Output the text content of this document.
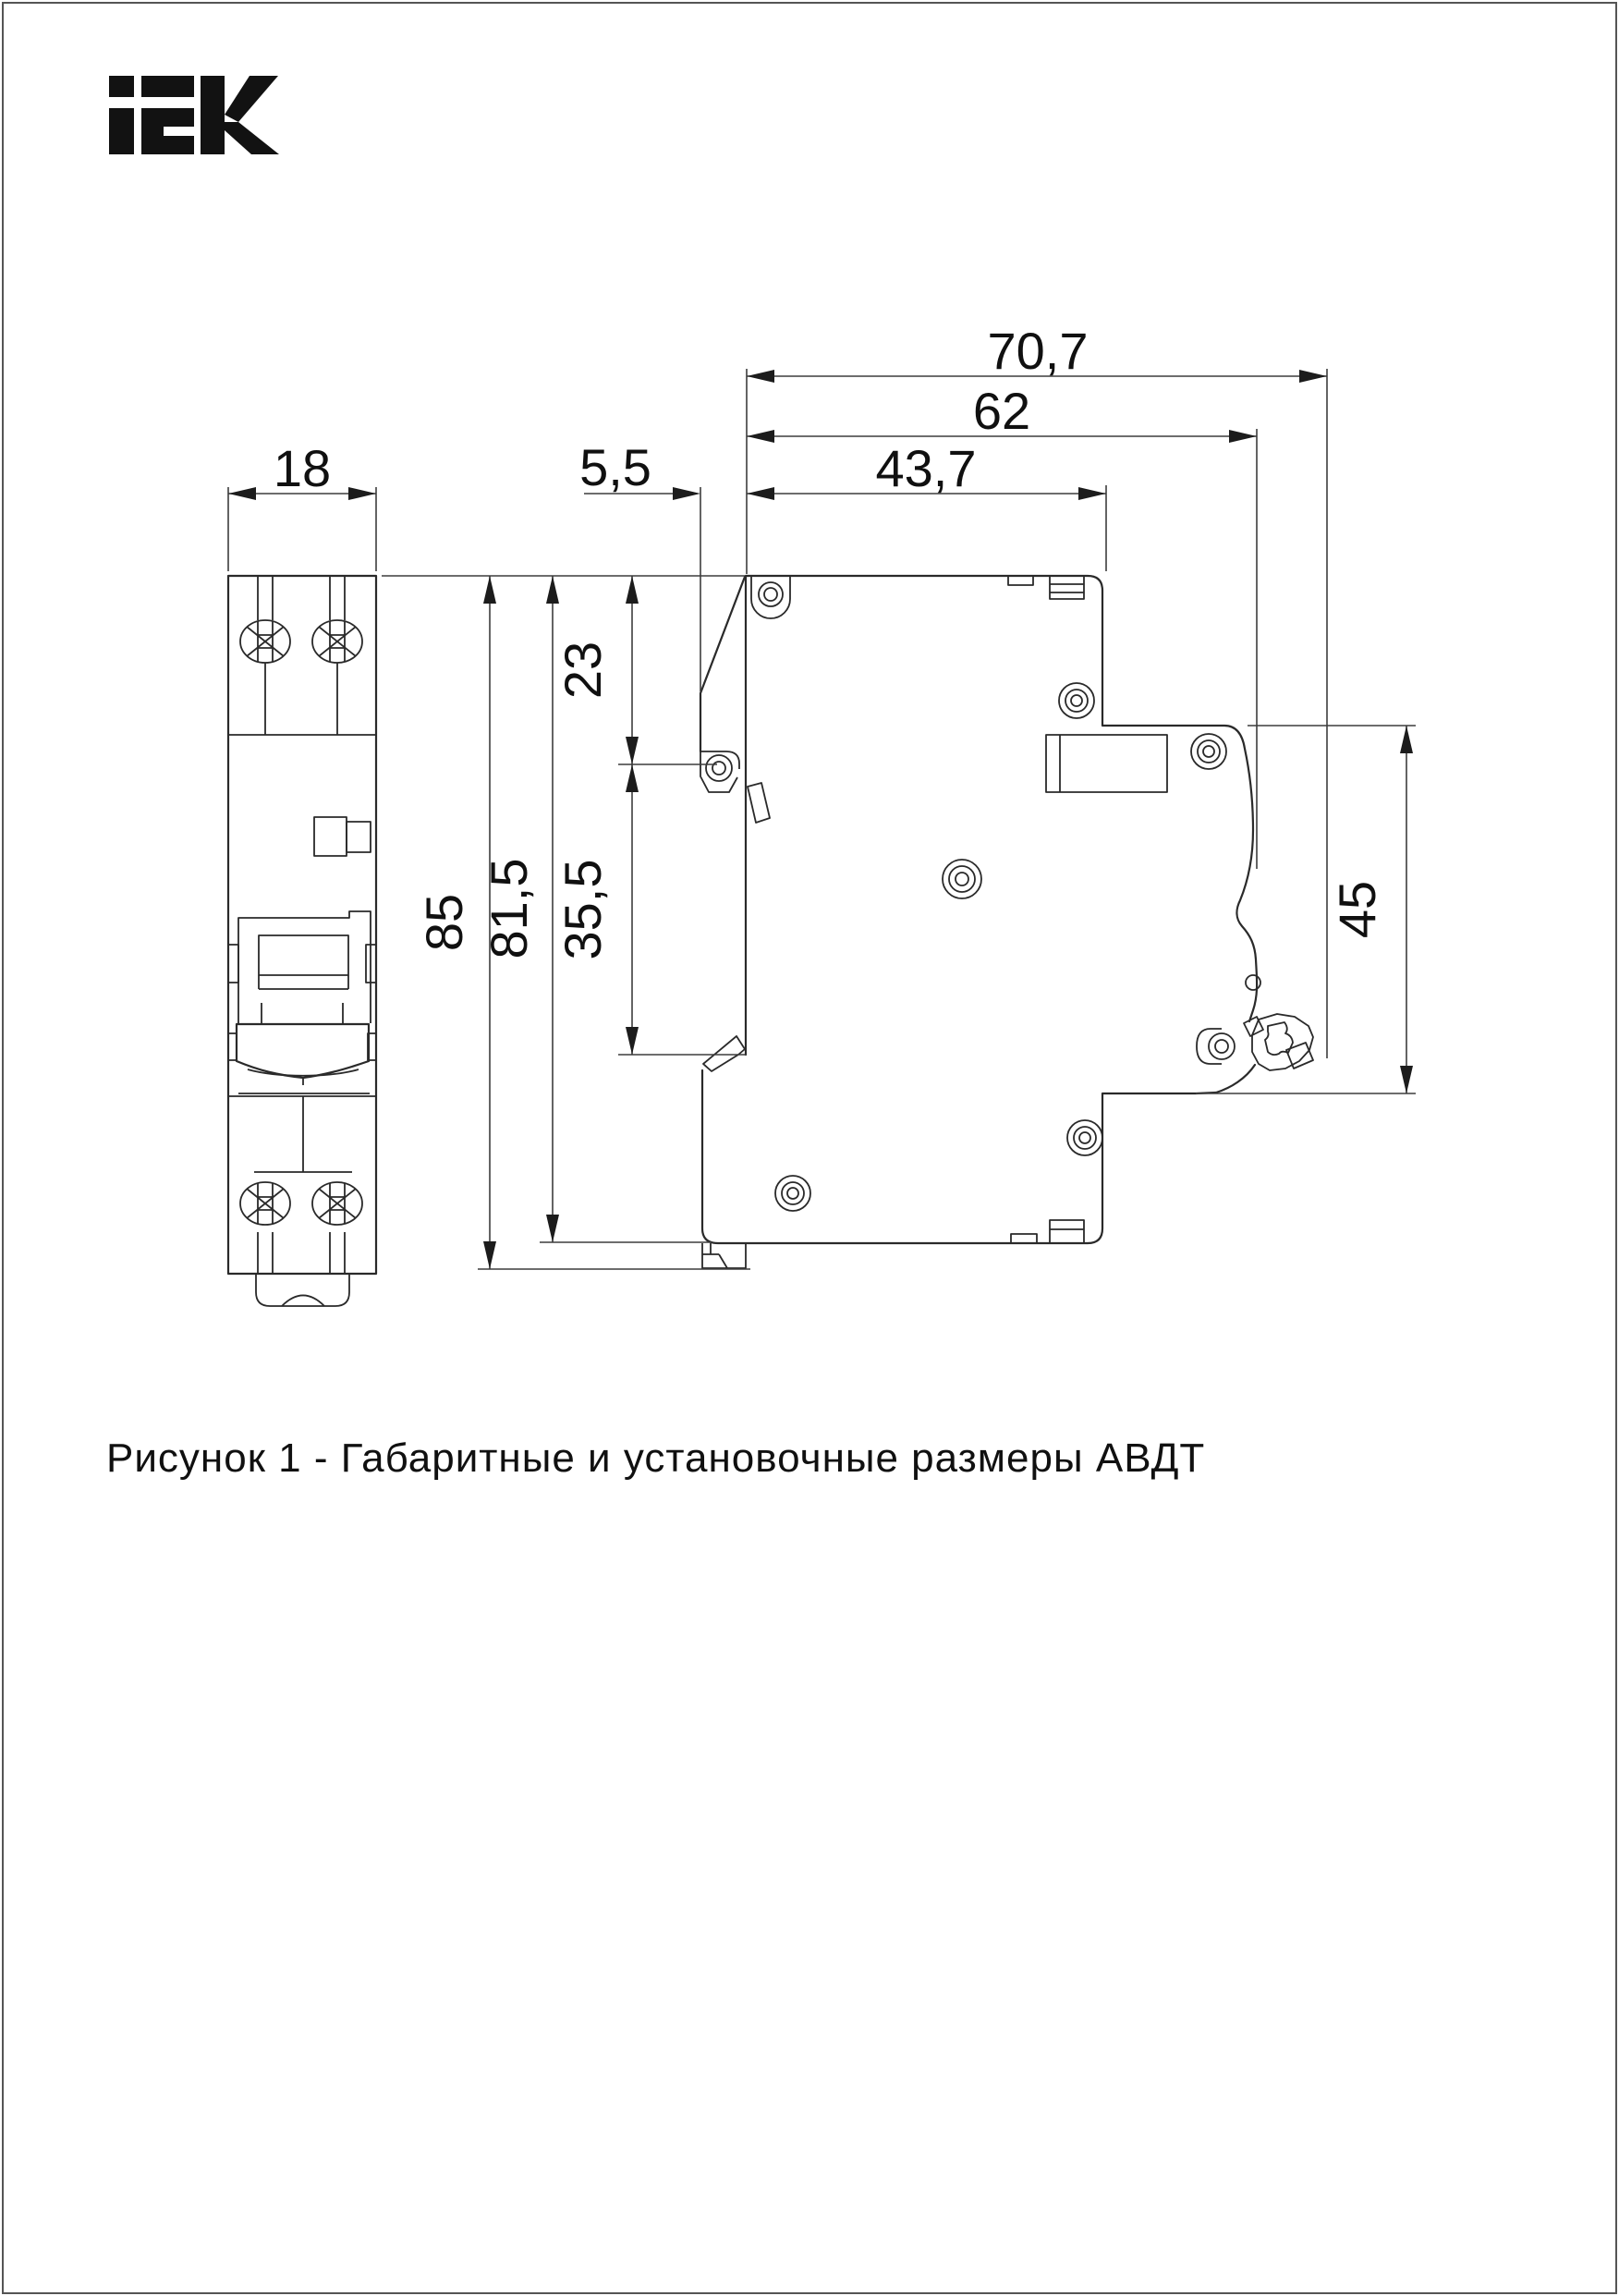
70,7
62
43,7
5,5
18
23
35,5
85 81,5	45
Рисунок 1 - Габаритные и установочные размеры АВДТ
